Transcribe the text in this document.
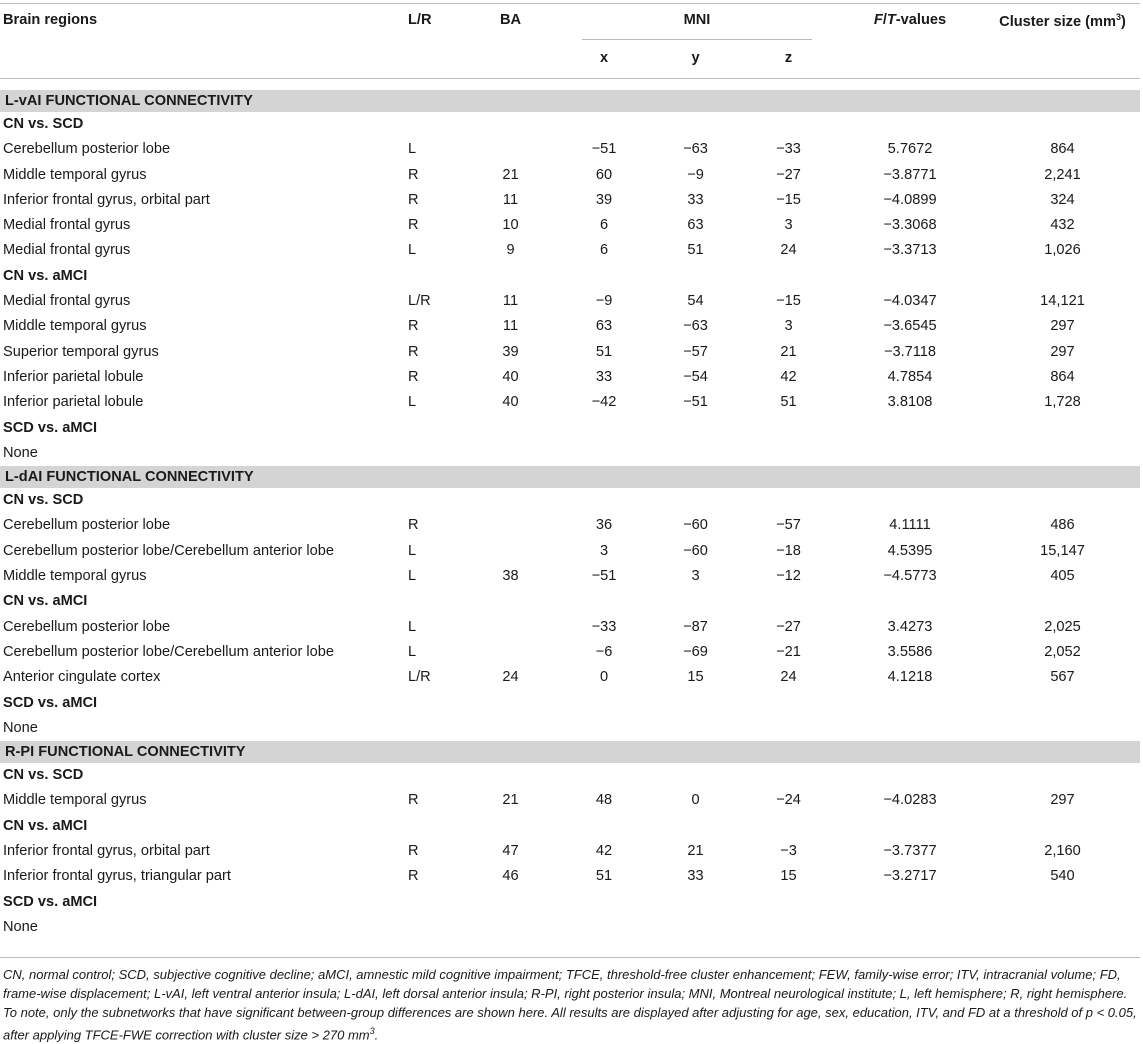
Brain regions	L/R	BA	MNI			F/T-values	Cluster size $(mm^3)$
			x	y	z		

L-vAI FUNCTIONAL CONNECTIVITY							
CN vs. SCD							
Cerebellum posterior lobe	L		−51	−63	−33	5.7672	864
Middle temporal gyrus	R	21	60	−9	−27	−3.8771	2,241
Inferior frontal gyrus, orbital part	R	11	39	33	−15	−4.0899	324
Medial frontal gyrus	R	10	6	63	3	−3.3068	432
Medial frontal gyrus	L	9	6	51	24	−3.3713	1,026
CN vs. aMCI							
Medial frontal gyrus	L/R	11	−9	54	−15	−4.0347	14,121
Middle temporal gyrus	R	11	63	−63	3	−3.6545	297
Superior temporal gyrus	R	39	51	−57	21	−3.7118	297
Inferior parietal lobule	R	40	33	−54	42	4.7854	864
Inferior parietal lobule	L	40	−42	−51	51	3.8108	1,728
SCD vs. aMCI							
None							
L-dAI FUNCTIONAL CONNECTIVITY							
CN vs. SCD							
Cerebellum posterior lobe	R		36	−60	−57	4.1111	486
Cerebellum posterior lobe/Cerebellum anterior lobe	L		3	−60	−18	4.5395	15,147
Middle temporal gyrus	L	38	−51	3	−12	−4.5773	405
CN vs. aMCI							
Cerebellum posterior lobe	L		−33	−87	−27	3.4273	2,025
Cerebellum posterior lobe/Cerebellum anterior lobe	L		−6	−69	−21	3.5586	2,052
Anterior cingulate cortex	L/R	24	0	15	24	4.1218	567
SCD vs. aMCI							
None							
R-PI FUNCTIONAL CONNECTIVITY							
CN vs. SCD							
Middle temporal gyrus	R	21	48	0	−24	−4.0283	297
CN vs. aMCI							
Inferior frontal gyrus, orbital part	R	47	42	21	−3	−3.7377	2,160
Inferior frontal gyrus, triangular part	R	46	51	33	15	−3.2717	540
SCD vs. aMCI							
None							
CN, normal control; SCD, subjective cognitive decline; aMCI, amnestic mild cognitive impairment; TFCE, threshold-free cluster enhancement; FEW, family-wise error; ITV, intracranial volume; FD, frame-wise displacement; L-vAI, left ventral anterior insula; L-dAI, left dorsal anterior insula; R-PI, right posterior insula; MNI, Montreal neurological institute; L, left hemisphere; R, right hemisphere. To note, only the subnetworks that have significant between-group differences are shown here. All results are displayed after adjusting for age, sex, education, ITV, and FD at a threshold of p < 0.05, after applying TFCE-FWE correction with cluster size > 270 $mm^3$.
